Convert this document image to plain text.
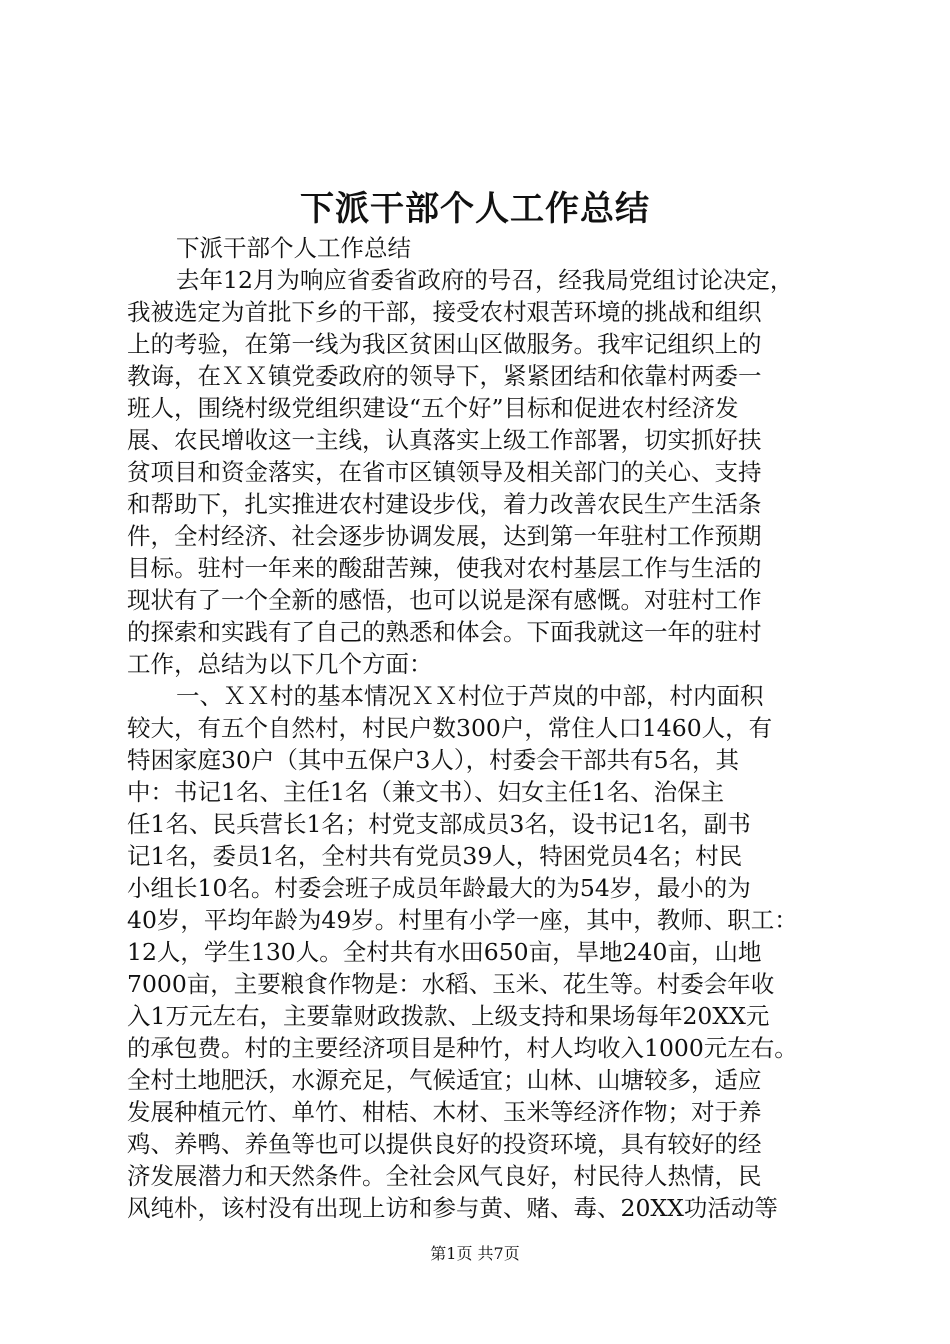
下派干部个人工作总结
下派干部个人工作总结
去年12月为响应省委省政府的号召，经我局党组讨论决定，
我被选定为首批下乡的干部，接受农村艰苦环境的挑战和组织
上的考验，在第一线为我区贫困山区做服务。我牢记组织上的
教诲，在ＸＸ镇党委政府的领导下，紧紧团结和依靠村两委一
班人，围绕村级党组织建设“五个好”目标和促进农村经济发
展、农民增收这一主线，认真落实上级工作部署，切实抓好扶
贫项目和资金落实，在省市区镇领导及相关部门的关心、支持
和帮助下，扎实推进农村建设步伐，着力改善农民生产生活条
件，全村经济、社会逐步协调发展，达到第一年驻村工作预期
目标。驻村一年来的酸甜苦辣，使我对农村基层工作与生活的
现状有了一个全新的感悟，也可以说是深有感慨。对驻村工作
的探索和实践有了自己的熟悉和体会。下面我就这一年的驻村
工作，总结为以下几个方面：
一、ＸＸ村的基本情况ＸＸ村位于芦岚的中部，村内面积
较大，有五个自然村，村民户数300户，常住人口1460人，有
特困家庭30户（其中五保户3人），村委会干部共有5名，其
中：书记1名、主任1名（兼文书）、妇女主任1名、治保主
任1名、民兵营长1名；村党支部成员3名，设书记1名，副书
记1名，委员1名，全村共有党员39人，特困党员4名；村民
小组长10名。村委会班子成员年龄最大的为54岁，最小的为
40岁，平均年龄为49岁。村里有小学一座，其中，教师、职工：
12人，学生130人。全村共有水田650亩，旱地240亩，山地
7000亩，主要粮食作物是：水稻、玉米、花生等。村委会年收
入1万元左右，主要靠财政拨款、上级支持和果场每年20XX元
的承包费。村的主要经济项目是种竹，村人均收入1000元左右。
全村土地肥沃，水源充足，气候适宜；山林、山塘较多，适应
发展种植元竹、单竹、柑桔、木材、玉米等经济作物；对于养
鸡、养鸭、养鱼等也可以提供良好的投资环境，具有较好的经
济发展潜力和天然条件。全社会风气良好，村民待人热情，民
风纯朴，该村没有出现上访和参与黄、赌、毒、20XX功活动等
第1页 共7页
